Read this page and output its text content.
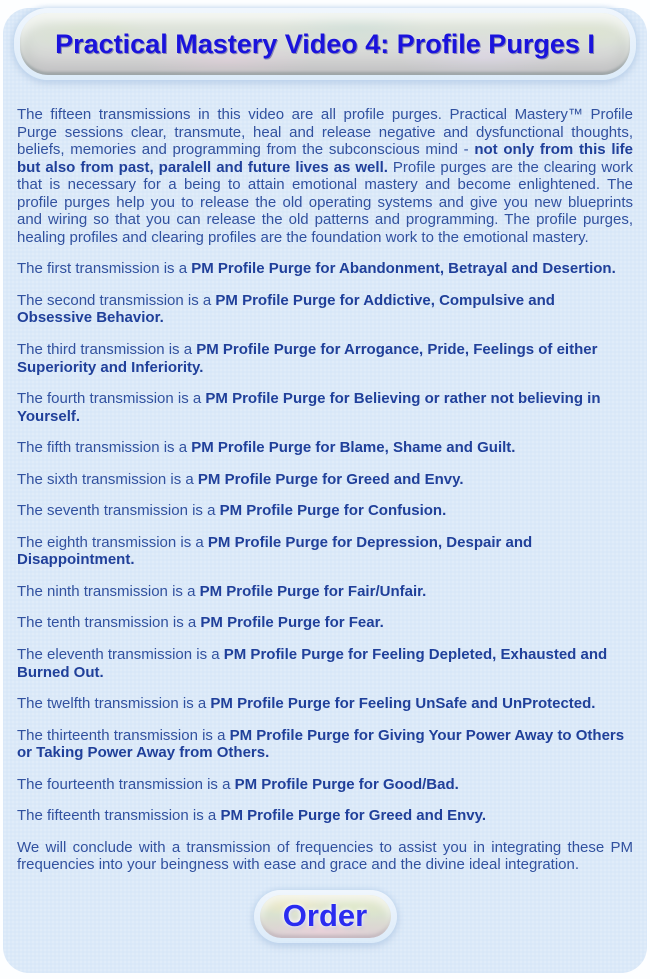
Practical Mastery Video 4: Profile Purges I

The fifteen transmissions in this video are all profile purges. Practical Mastery™ Profile Purge sessions clear, transmute, heal and release negative and dysfunctional thoughts, beliefs, memories and programming from the subconscious mind - not only from this life but also from past, paralell and future lives as well. Profile purges are the clearing work that is necessary for a being to attain emotional mastery and become enlightened. The profile purges help you to release the old operating systems and give you new blueprints and wiring so that you can release the old patterns and programming. The profile purges, healing profiles and clearing profiles are the foundation work to the emotional mastery.

The first transmission is a PM Profile Purge for Abandonment, Betrayal and Desertion.

The second transmission is a PM Profile Purge for Addictive, Compulsive and Obsessive Behavior.

The third transmission is a PM Profile Purge for Arrogance, Pride, Feelings of either Superiority and Inferiority.

The fourth transmission is a PM Profile Purge for Believing or rather not believing in Yourself.

The fifth transmission is a PM Profile Purge for Blame, Shame and Guilt.

The sixth transmission is a PM Profile Purge for Greed and Envy.

The seventh transmission is a PM Profile Purge for Confusion.

The eighth transmission is a PM Profile Purge for Depression, Despair and Disappointment.

The ninth transmission is a PM Profile Purge for Fair/Unfair.

The tenth transmission is a PM Profile Purge for Fear.

The eleventh transmission is a PM Profile Purge for Feeling Depleted, Exhausted and Burned Out.

The twelfth transmission is a PM Profile Purge for Feeling UnSafe and UnProtected.

The thirteenth transmission is a PM Profile Purge for Giving Your Power Away to Others or Taking Power Away from Others.

The fourteenth transmission is a PM Profile Purge for Good/Bad.

The fifteenth transmission is a PM Profile Purge for Greed and Envy.

We will conclude with a transmission of frequencies to assist you in integrating these PM frequencies into your beingness with ease and grace and the divine ideal integration.

Order
